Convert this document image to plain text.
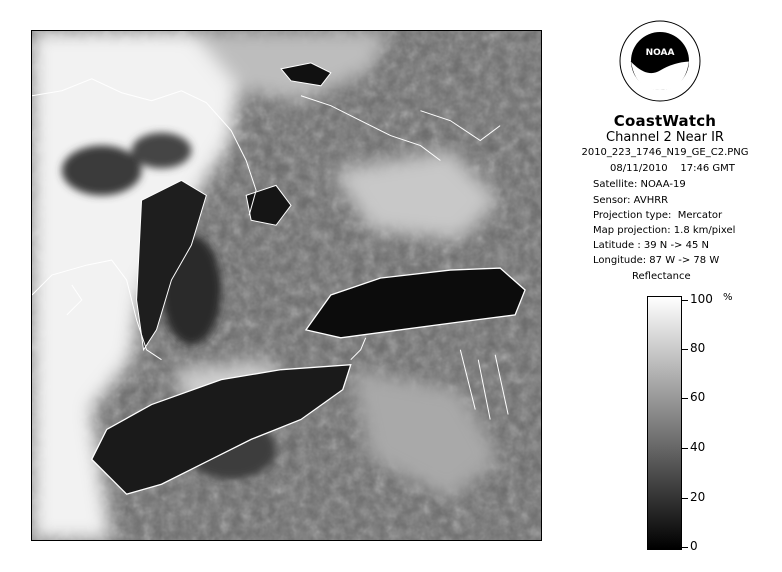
NOAA
CoastWatch
Channel 2 Near IR
2010_223_1746_N19_GE_C2.PNG
08/11/2010 17:46 GMT
Satellite: NOAA-19
Sensor: AVHRR
Projection type:  Mercator
Map projection: 1.8 km/pixel
Latitude : 39 N -> 45 N
Longitude: 87 W -> 78 W
Reflectance
%
100
80
60
40
20
0
